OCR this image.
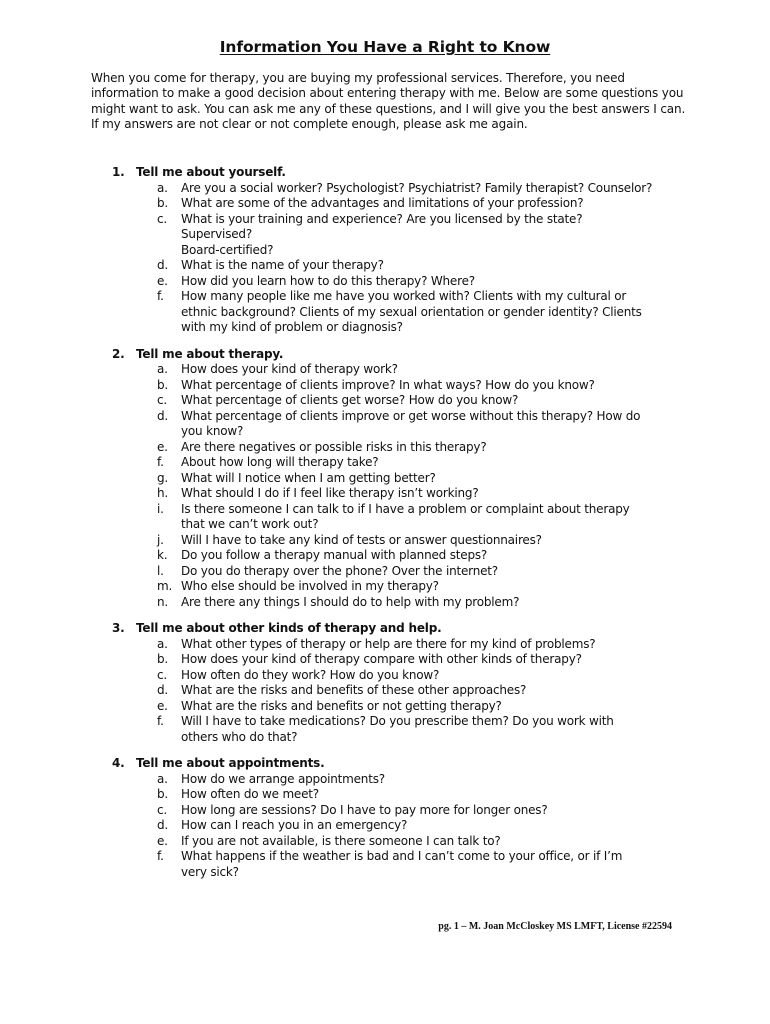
Information You Have a Right to Know
When you come for therapy, you are buying my professional services. Therefore, you need information to make a good decision about entering therapy with me. Below are some questions you might want to ask. You can ask me any of these questions, and I will give you the best answers I can. If my answers are not clear or not complete enough, please ask me again.
1. Tell me about yourself.
a.	Are you a social worker? Psychologist? Psychiatrist? Family therapist? Counselor?
b.	What are some of the advantages and limitations of your profession?
c.	What is your training and experience? Are you licensed by the state?
Supervised?
Board-certified?
d.	What is the name of your therapy?
e.	How did you learn how to do this therapy? Where?
f.	How many people like me have you worked with? Clients with my cultural or
ethnic background? Clients of my sexual orientation or gender identity? Clients
with my kind of problem or diagnosis?
2. Tell me about therapy.
a.	How does your kind of therapy work?
b.	What percentage of clients improve? In what ways? How do you know?
c.	What percentage of clients get worse? How do you know?
d.	What percentage of clients improve or get worse without this therapy? How do
you know?
e.	Are there negatives or possible risks in this therapy?
f.	About how long will therapy take?
g.	What will I notice when I am getting better?
h.	What should I do if I feel like therapy isn’t working?
i.	Is there someone I can talk to if I have a problem or complaint about therapy
that we can’t work out?
j.	Will I have to take any kind of tests or answer questionnaires?
k.	Do you follow a therapy manual with planned steps?
l.	Do you do therapy over the phone? Over the internet?
m. Who else should be involved in my therapy?
n.	Are there any things I should do to help with my problem?
3. Tell me about other kinds of therapy and help.
a.	What other types of therapy or help are there for my kind of problems?
b.	How does your kind of therapy compare with other kinds of therapy?
c.	How often do they work? How do you know?
d.	What are the risks and benefits of these other approaches?
e.	What are the risks and benefits or not getting therapy?
f.	Will I have to take medications? Do you prescribe them? Do you work with
others who do that?
4. Tell me about appointments.
a.	How do we arrange appointments?
b.	How often do we meet?
c.	How long are sessions? Do I have to pay more for longer ones?
d.	How can I reach you in an emergency?
e.	If you are not available, is there someone I can talk to?
f.	What happens if the weather is bad and I can’t come to your office, or if I’m
very sick?
pg. 1 – M. Joan McCloskey MS LMFT, License #22594
